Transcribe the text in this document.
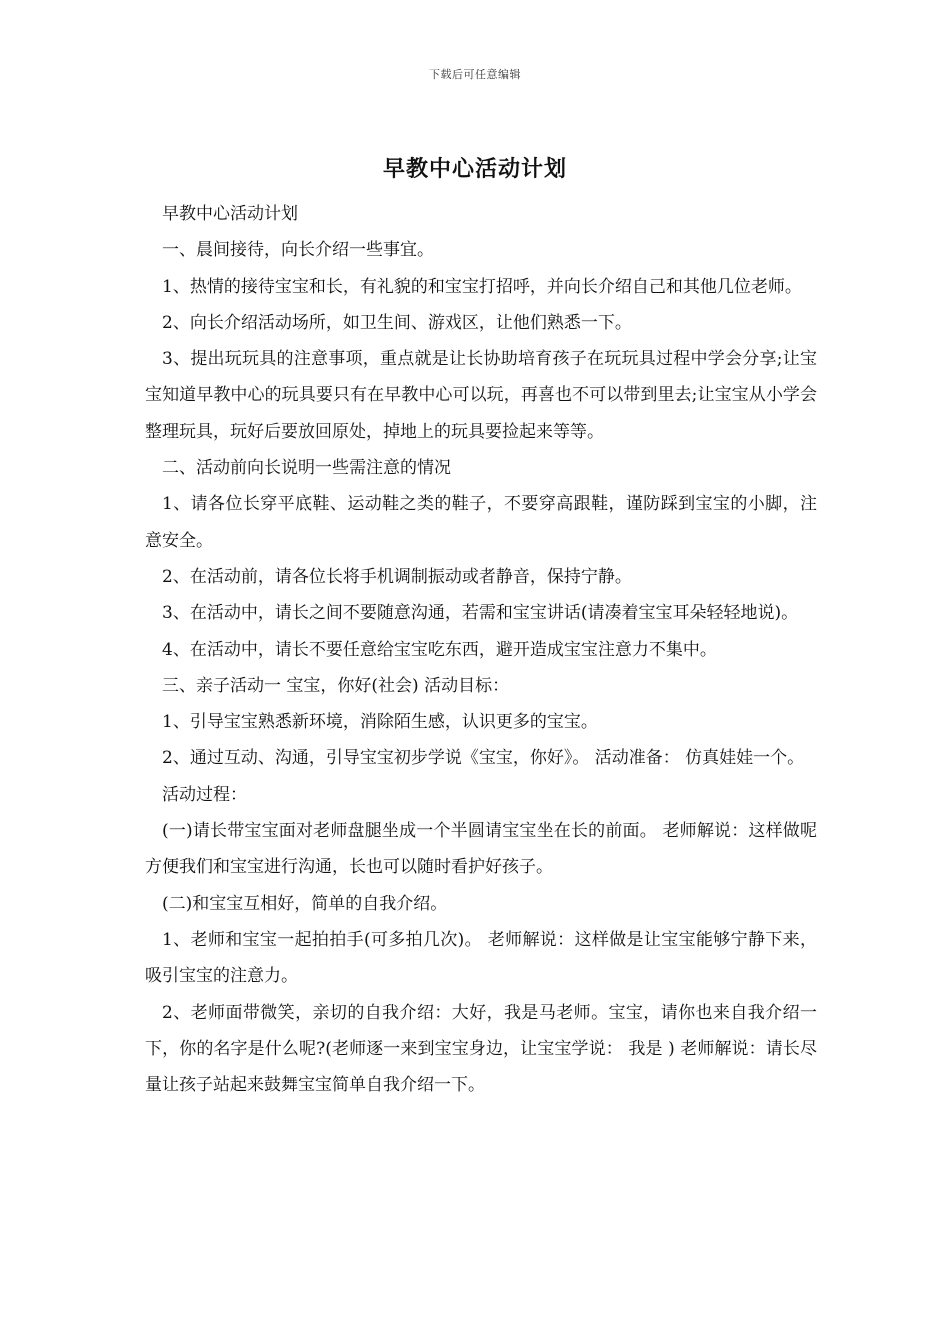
下载后可任意编辑
早教中心活动计划

早教中心活动计划

一、晨间接待，向长介绍一些事宜。

1、热情的接待宝宝和长，有礼貌的和宝宝打招呼，并向长介绍自己和其他几位老师。

2、向长介绍活动场所，如卫生间、游戏区，让他们熟悉一下。

3、提出玩玩具的注意事项，重点就是让长协助培育孩子在玩玩具过程中学会分享;让宝宝知道早教中心的玩具要只有在早教中心可以玩，再喜也不可以带到里去;让宝宝从小学会整理玩具，玩好后要放回原处，掉地上的玩具要捡起来等等。

二、活动前向长说明一些需注意的情况

1、请各位长穿平底鞋、运动鞋之类的鞋子，不要穿高跟鞋，谨防踩到宝宝的小脚，注意安全。

2、在活动前，请各位长将手机调制振动或者静音，保持宁静。

3、在活动中，请长之间不要随意沟通，若需和宝宝讲话(请凑着宝宝耳朵轻轻地说)。

4、在活动中，请长不要任意给宝宝吃东西，避开造成宝宝注意力不集中。

三、亲子活动一 宝宝，你好(社会) 活动目标：

1、引导宝宝熟悉新环境，消除陌生感，认识更多的宝宝。

2、通过互动、沟通，引导宝宝初步学说《宝宝，你好》。 活动准备： 仿真娃娃一个。

活动过程：

(一)请长带宝宝面对老师盘腿坐成一个半圆请宝宝坐在长的前面。 老师解说：这样做呢方便我们和宝宝进行沟通，长也可以随时看护好孩子。

(二)和宝宝互相好，简单的自我介绍。

1、老师和宝宝一起拍拍手(可多拍几次)。 老师解说：这样做是让宝宝能够宁静下来，吸引宝宝的注意力。

2、老师面带微笑，亲切的自我介绍：大好，我是马老师。宝宝，请你也来自我介绍一下，你的名字是什么呢?(老师逐一来到宝宝身边，让宝宝学说： 我是 ) 老师解说：请长尽量让孩子站起来鼓舞宝宝简单自我介绍一下。
